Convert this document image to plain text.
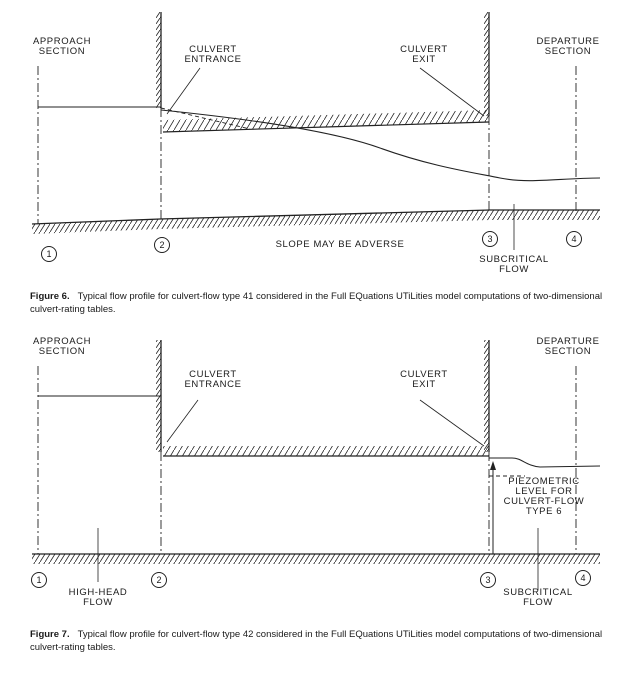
APPROACH
SECTION	CULVERT
ENTRANCE
CULVERT
EXIT
DEPARTURE
SECTION
SLOPE MAY BE ADVERSE
SUBCRITICAL
FLOW
1
2
3	4
Figure 6. Typical flow profile for culvert-flow type 41 considered in the Full EQuations UTiLities model computations of two-dimensional culvert-rating tables.
APPROACH
SECTION
CULVERT
ENTRANCE
CULVERT
EXIT
DEPARTURE
SECTION
PIEZOMETRIC
LEVEL FOR
CULVERT-FLOW
TYPE 6
HIGH-HEAD
FLOW
SUBCRITICAL
FLOW
1	2	3	4
Figure 7. Typical flow profile for culvert-flow type 42 considered in the Full EQuations UTiLities model computations of two-dimensional culvert-rating tables.
